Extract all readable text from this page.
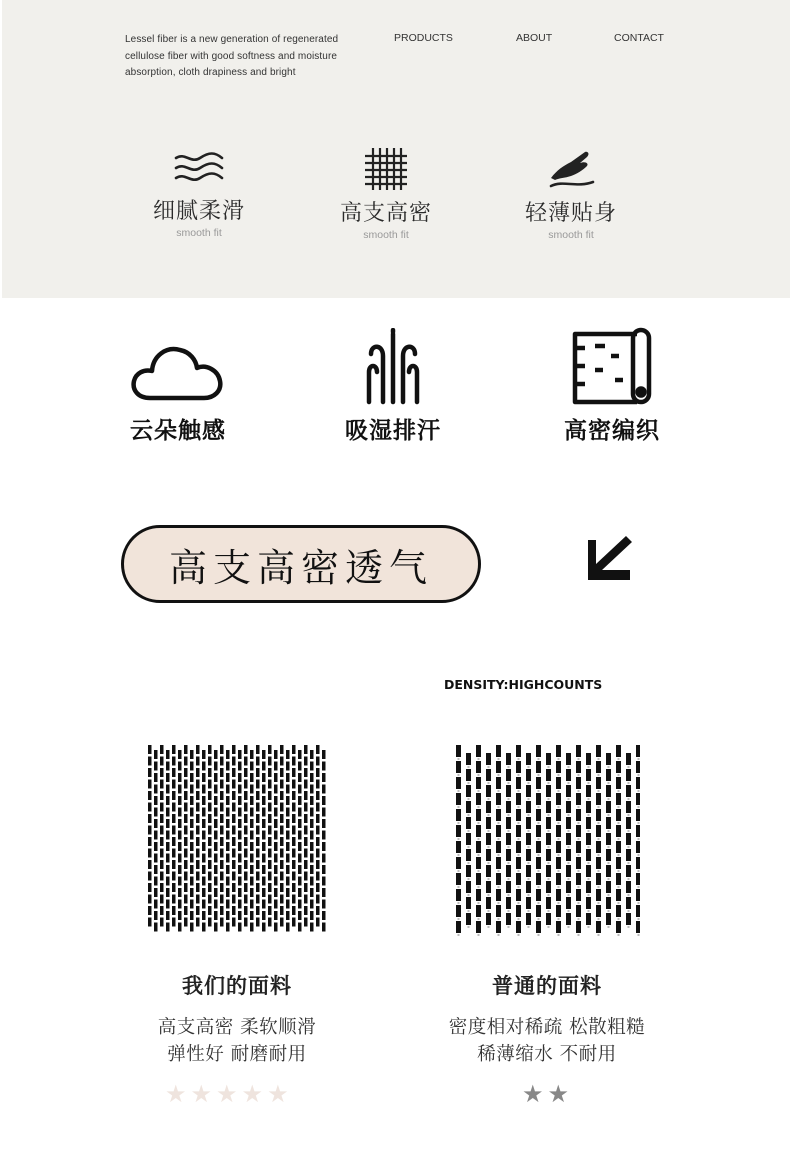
Lessel fiber is a new generation of regenerated cellulose fiber with good softness and moisture absorption, cloth drapiness and bright
PRODUCTS	ABOUT	CONTACT
细腻柔滑
smooth fit
高支高密
smooth fit
轻薄贴身
smooth fit
云朵触感	吸湿排汗	高密编织
高支高密透气
DENSITY:HIGHCOUNTS
我们的面料
高支高密 柔软顺滑
弹性好 耐磨耐用
普通的面料
密度相对稀疏 松散粗糙
稀薄缩水 不耐用
★★★★★	★★
